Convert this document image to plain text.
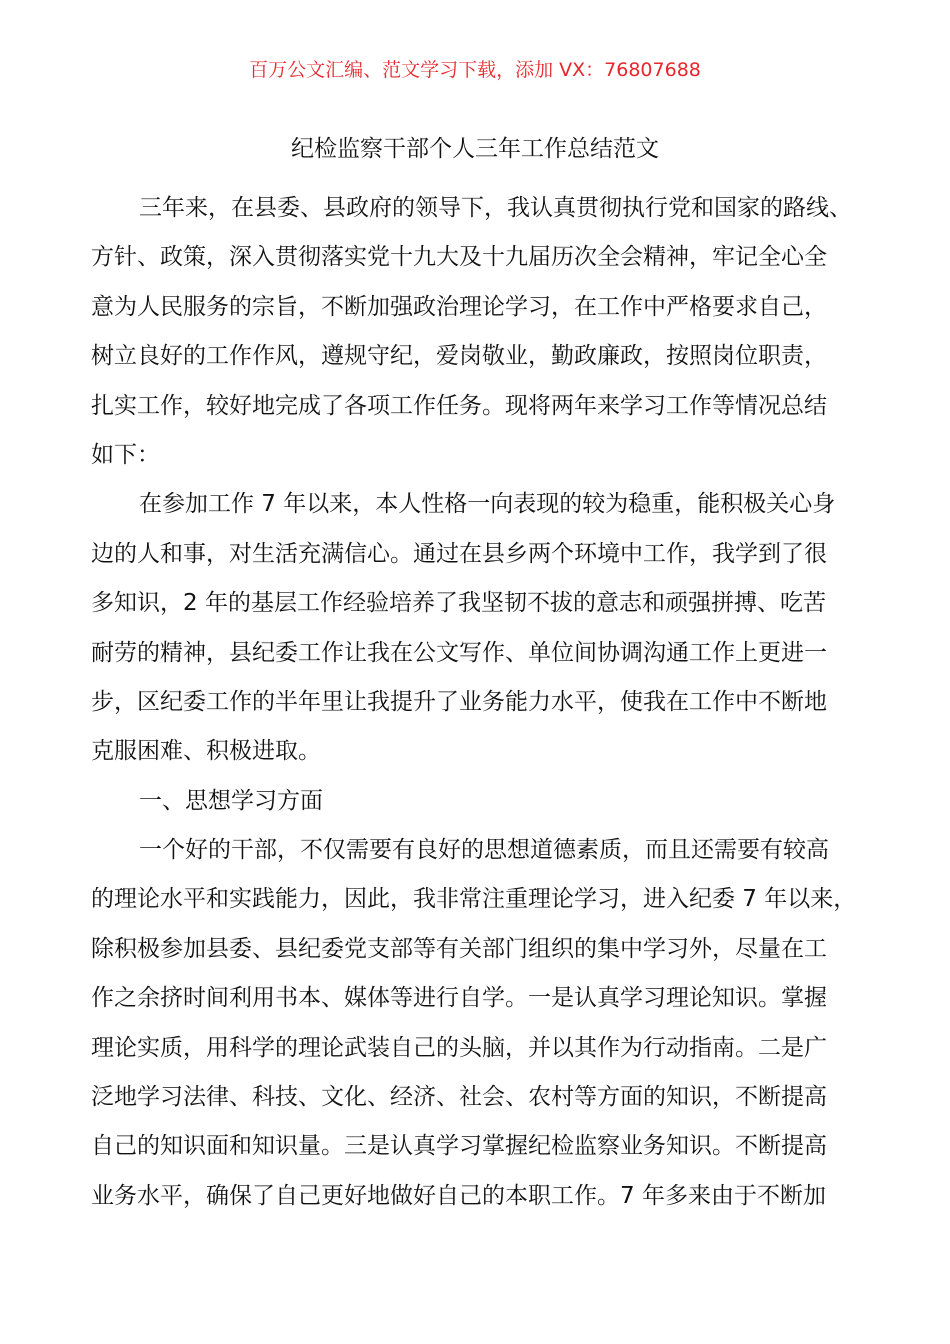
百万公文汇编、范文学习下载，添加 VX：76807688
纪检监察干部个人三年工作总结范文
三年来，在县委、县政府的领导下，我认真贯彻执行党和国家的路线、
方针、政策，深入贯彻落实党十九大及十九届历次全会精神，牢记全心全
意为人民服务的宗旨，不断加强政治理论学习，在工作中严格要求自己，
树立良好的工作作风，遵规守纪，爱岗敬业，勤政廉政，按照岗位职责，
扎实工作，较好地完成了各项工作任务。现将两年来学习工作等情况总结
如下：
在参加工作 7 年以来，本人性格一向表现的较为稳重，能积极关心身
边的人和事，对生活充满信心。通过在县乡两个环境中工作，我学到了很
多知识，2 年的基层工作经验培养了我坚韧不拔的意志和顽强拼搏、吃苦
耐劳的精神，县纪委工作让我在公文写作、单位间协调沟通工作上更进一
步，区纪委工作的半年里让我提升了业务能力水平，使我在工作中不断地
克服困难、积极进取。
一、思想学习方面
一个好的干部，不仅需要有良好的思想道德素质，而且还需要有较高
的理论水平和实践能力，因此，我非常注重理论学习，进入纪委 7 年以来，
除积极参加县委、县纪委党支部等有关部门组织的集中学习外，尽量在工
作之余挤时间利用书本、媒体等进行自学。一是认真学习理论知识。掌握
理论实质，用科学的理论武装自己的头脑，并以其作为行动指南。二是广
泛地学习法律、科技、文化、经济、社会、农村等方面的知识，不断提高
自己的知识面和知识量。三是认真学习掌握纪检监察业务知识。不断提高
业务水平，确保了自己更好地做好自己的本职工作。7 年多来由于不断加
